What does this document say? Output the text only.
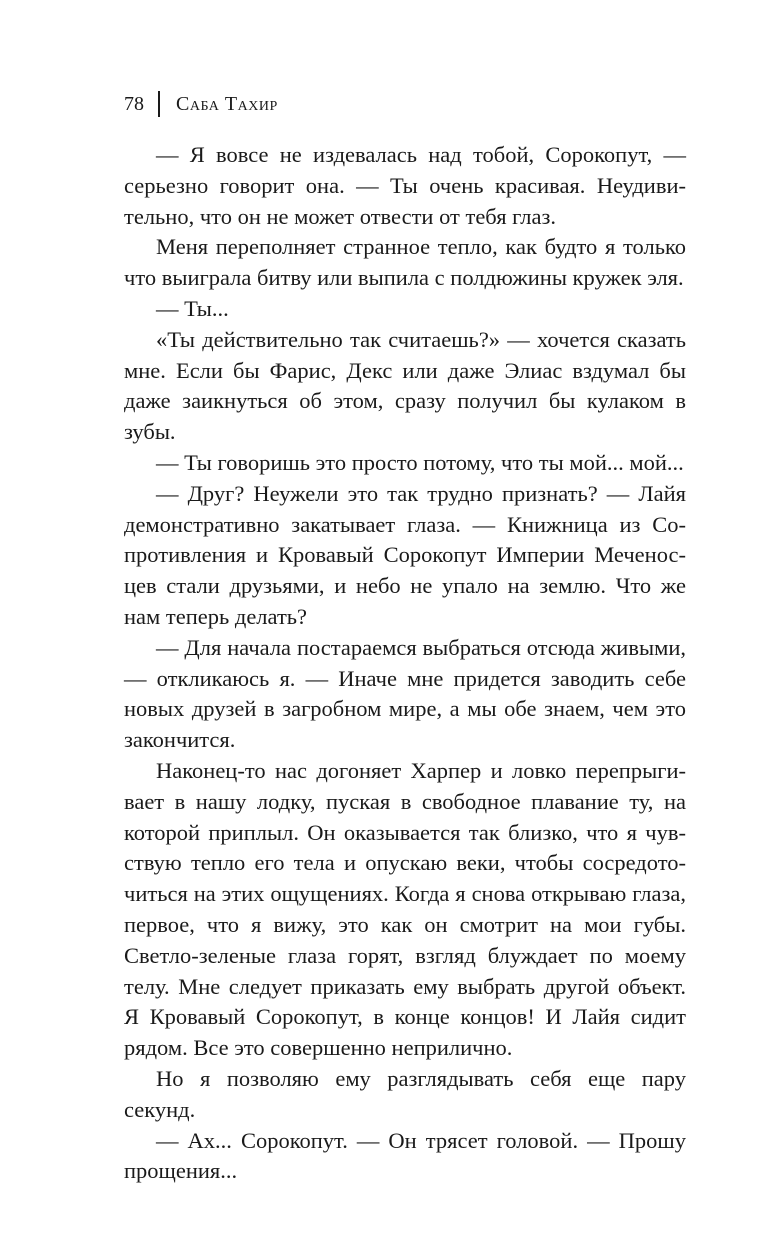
78 Саба Тахир

— Я вовсе не издевалась над тобой, Сорокопут, — серьезно говорит она. — Ты очень красивая. Неудивительно, что он не может отвести от тебя глаз.

Меня переполняет странное тепло, как будто я только что выиграла битву или выпила с полдюжины кружек эля.

— Ты...

«Ты действительно так считаешь?» — хочется сказать мне. Если бы Фарис, Декс или даже Элиас вздумал бы даже заикнуться об этом, сразу получил бы кулаком в зубы.

— Ты говоришь это просто потому, что ты мой... мой...

— Друг? Неужели это так трудно признать? — Лайя демонстративно закатывает глаза. — Книжница из Сопротивления и Кровавый Сорокопут Империи Меченосцев стали друзьями, и небо не упало на землю. Что же нам теперь делать?

— Для начала постараемся выбраться отсюда живыми, — откликаюсь я. — Иначе мне придется заводить себе новых друзей в загробном мире, а мы обе знаем, чем это закончится.

Наконец-то нас догоняет Харпер и ловко перепрыгивает в нашу лодку, пуская в свободное плавание ту, на которой приплыл. Он оказывается так близко, что я чувствую тепло его тела и опускаю веки, чтобы сосредоточиться на этих ощущениях. Когда я снова открываю глаза, первое, что я вижу, это как он смотрит на мои губы. Светло-зеленые глаза горят, взгляд блуждает по моему телу. Мне следует приказать ему выбрать другой объект. Я Кровавый Сорокопут, в конце концов! И Лайя сидит рядом. Все это совершенно неприлично.

Но я позволяю ему разглядывать себя еще пару секунд.

— Ах... Сорокопут. — Он трясет головой. — Прошу прощения...
